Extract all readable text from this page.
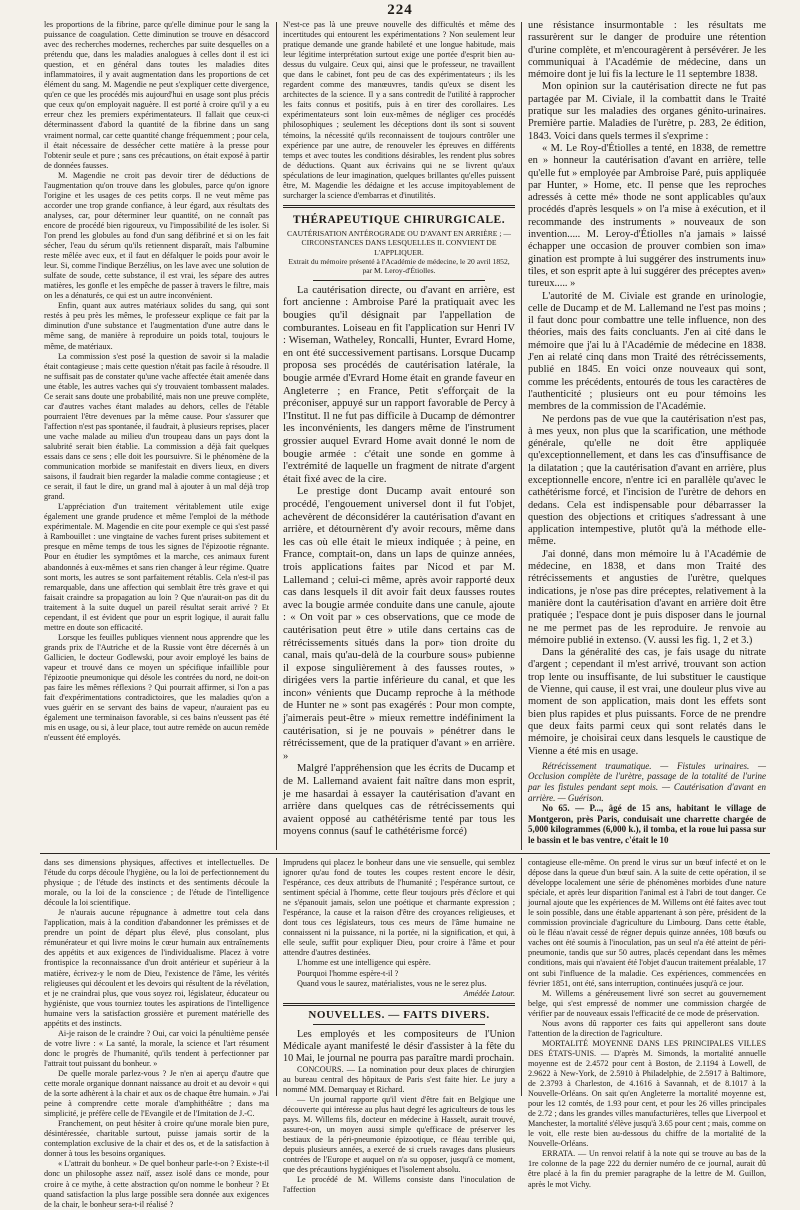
224

les proportions de la fibrine, parce qu'elle diminue pour le sang la puissance de coagulation. Cette diminution se trouve en désaccord avec des recherches modernes, recherches par suite desquelles on a prétendu que, dans les maladies analogues à celles dont il est ici question, et en général dans toutes les maladies dites inflammatoires, il y avait augmentation dans les proportions de cet élément du sang. M. Magendie ne peut s'expliquer cette divergence, qu'en ce que les procédés mis aujourd'hui en usage sont plus précis que ceux qu'on employait naguère. Il est porté à croire qu'il y a eu erreur chez les premiers expérimentateurs. Il fallait que ceux-ci déterminassent d'abord la quantité de la fibrine dans un sang vraiment normal, car cette quantité change fréquemment ; pour cela, il était nécessaire de dessécher cette matière à la presse pour l'obtenir seule et pure ; sans ces précautions, on était exposé à partir de données fausses.

M. Magendie ne croit pas devoir tirer de déductions de l'augmentation qu'on trouve dans les globules, parce qu'on ignore l'origine et les usages de ces petits corps. Il ne veut même pas accorder une trop grande confiance, à leur égard, aux résultats des analyses, car, pour déterminer leur quantité, on ne connaît pas encore de procédé bien rigoureux, vu l'impossibilité de les isoler. Si l'on prend les globules au fond d'un sang défibriné et si on les fait sécher, l'eau du sérum qu'ils retiennent disparaît, mais l'albumine reste mêlée avec eux, et il faut en défalquer le poids pour avoir le leur. Si, comme l'indique Berzélius, on les lave avec une solution de sulfate de soude, cette substance, il est vrai, les sépare des autres matières, les gonfle et les empêche de passer à travers le filtre, mais on les a dénaturés, ce qui est un autre inconvénient.

Enfin, quant aux autres matériaux solides du sang, qui sont restés à peu près les mêmes, le professeur explique ce fait par la diminution d'une substance et l'augmentation d'une autre dans le même sang, de manière à reproduire un poids total, toujours le même, de matériaux.

La commission s'est posé la question de savoir si la maladie était contagieuse ; mais cette question n'était pas facile à résoudre. Il ne suffisait pas de constater qu'une vache affectée était amenée dans une étable, les autres vaches qui s'y trouvaient tombassent malades. Ce serait sans doute une probabilité, mais non une preuve complète, car d'autres vaches étant malades au dehors, celles de l'étable pourraient l'être devenues par la même cause. Pour s'assurer que l'affection n'est pas spontanée, il faudrait, à plusieurs reprises, placer une vache malade au milieu d'un troupeau dans un pays dont la salubrité serait bien établie. La commission a déjà fait quelques essais dans ce sens ; elle doit les poursuivre. Si le phénomène de la communication morbide se manifestait en divers lieux, en divers saisons, il faudrait bien regarder la maladie comme contagieuse ; et ce serait, il faut le dire, un grand mal à ajouter à un mal déjà trop grand.

L'appréciation d'un traitement véritablement utile exige également une grande prudence et même l'emploi de la méthode expérimentale. M. Magendie en cite pour exemple ce qui s'est passé à Rambouillet : une vingtaine de vaches furent prises subitement et presque en même temps de tous les signes de l'épizootie régnante. Pour en étudier les symptômes et la marche, ces animaux furent abandonnés à eux-mêmes et sans rien changer à leur régime. Quatre sont morts, les autres se sont parfaitement rétablis. Cela n'est-il pas remarquable, dans une affection qui semblait être très grave et qui faisait craindre sa propagation au loin ? Que n'aurait-on pas dit du traitement à la suite duquel un pareil résultat serait arrivé ? Et cependant, il est évident que pour un esprit logique, il aurait fallu mettre en doute son efficacité.

Lorsque les feuilles publiques viennent nous apprendre que les grands prix de l'Autriche et de la Russie vont être décernés à un Gallicien, le docteur Godlewski, pour avoir employé les bains de vapeur et trouvé dans ce moyen un spécifique infaillible pour l'épizootie pneumonique qui désole les contrées du nord, ne doit-on pas faire les mêmes réflexions ? Qui pourrait affirmer, si l'on a pas fait d'expérimentations contradictoires, que les maladies qu'on a vues guérir en se servant des bains de vapeur, n'auraient pas eu également une terminaison favorable, si ces bains n'eussent pas été mis en usage, ou si, à leur place, tout autre remède on aucun remède n'eussent été employés.

N'est-ce pas là une preuve nouvelle des difficultés et même des incertitudes qui entourent les expérimentations ? Non seulement leur pratique demande une grande habileté et une longue habitude, mais leur légitime interprétation surtout exige une portée d'esprit bien au-dessus du vulgaire. Ceux qui, ainsi que le professeur, ne travaillent que dans le cabinet, font peu de cas des expérimentateurs ; ils les regardent comme des manœuvres, tandis qu'eux se disent les architectes de la science. Il y a sans contredit de l'utilité à rapprocher les faits connus et positifs, puis à en tirer des corollaires. Les expérimentateurs sont loin eux-mêmes de négliger ces procédés philosophiques ; seulement les déceptions dont ils sont si souvent témoins, la nécessité qu'ils reconnaissent de toujours contrôler une expérience par une autre, de renouveler les épreuves en différents temps et avec toutes les conditions désirables, les rendent plus sobres de déductions. Quant aux écrivains qui ne se livrent qu'aux spéculations de leur imagination, quelques brillantes qu'elles puissent être, M. Magendie les dédaigne et les accuse impitoyablement de surcharger la science d'embarras et d'inutilités.

THÉRAPEUTIQUE CHIRURGICALE.

CAUTÉRISATION ANTÉROGRADE OU D'AVANT EN ARRIÈRE ; — CIRCONSTANCES DANS LESQUELLES IL CONVIENT DE L'APPLIQUER.

Extrait du mémoire présenté à l'Académie de médecine, le 20 avril 1852, par M. Leroy-d'Étiolles.

La cautérisation directe, ou d'avant en arrière, est fort ancienne : Ambroise Paré la pratiquait avec les bougies qu'il désignait par l'appellation de comburantes. Loiseau en fit l'application sur Henri IV : Wiseman, Watheley, Roncalli, Hunter, Evrard Home, en ont été successivement partisans. Lorsque Ducamp proposa ses procédés de cautérisation latérale, la bougie armée d'Evrard Home était en grande faveur en Angleterre ; en France, Petit s'efforçait de la préconiser, appuyé sur un rapport favorable de Percy à l'Institut. Il ne fut pas difficile à Ducamp de démontrer les inconvénients, les dangers même de l'instrument grossier auquel Evrard Home avait donné le nom de bougie armée : c'était une sonde en gomme à l'extrémité de laquelle un fragment de nitrate d'argent était fixé avec de la cire.

Le prestige dont Ducamp avait entouré son procédé, l'engouement universel dont il fut l'objet, achevèrent de déconsidérer la cautérisation d'avant en arrière, et détournèrent d'y avoir recours, même dans les cas où elle était le mieux indiquée ; à peine, en France, comptait-on, dans un laps de quinze années, trois applications faites par Nicod et par M. Lallemand ; celui-ci même, après avoir rapporté deux cas dans lesquels il dit avoir fait deux fausses routes avec la bougie armée conduite dans une canule, ajoute : « On voit par » ces observations, que ce mode de cautérisation peut être » utile dans certains cas de rétrécissements situés dans la por» tion droite du canal, mais qu'au-delà de la courbure sous» pubienne il expose singulièrement à des fausses routes, » dirigées vers la partie inférieure du canal, et que les incon» vénients que Ducamp reproche à la méthode de Hunter ne » sont pas exagérés : Pour mon compte, j'aimerais peut-être » mieux remettre indéfiniment la cautérisation, si je ne pouvais » pénétrer dans le rétrécissement, que de la pratiquer d'avant » en arrière. »

Malgré l'appréhension que les écrits de Ducamp et de M. Lallemand avaient fait naître dans mon esprit, je me hasardai à essayer la cautérisation d'avant en arrière dans quelques cas de rétrécissements qui avaient opposé au cathétérisme tenté par tous les moyens connus (sauf le cathétérisme forcé)

une résistance insurmontable : les résultats me rassurèrent sur le danger de produire une rétention d'urine complète, et m'encouragèrent à persévérer. Je les communiquai à l'Académie de médecine, dans un mémoire dont je lui fis la lecture le 11 septembre 1838.

Mon opinion sur la cautérisation directe ne fut pas partagée par M. Civiale, il la combattit dans le Traité pratique sur les maladies des organes génito-urinaires. Première partie. Maladies de l'urètre, p. 283, 2e édition, 1843. Voici dans quels termes il s'exprime :

« M. Le Roy-d'Étiolles a tenté, en 1838, de remettre en » honneur la cautérisation d'avant en arrière, telle qu'elle fut » employée par Ambroise Paré, puis appliquée par Hunter, » Home, etc. Il pense que les reproches adressés à cette mé» thode ne sont applicables qu'aux procédés d'après lesquels » on l'a mise à exécution, et il recommande des instruments » nouveaux de son invention..... M. Leroy-d'Étiolles n'a jamais » laissé échapper une occasion de prouver combien son ima» gination est prompte à lui suggérer des instruments inu» tiles, et son esprit apte à lui suggérer des préceptes aven» tureux..... »

L'autorité de M. Civiale est grande en urinologie, celle de Ducamp et de M. Lallemand ne l'est pas moins ; il faut donc pour combattre une telle influence, non des théories, mais des faits concluants. J'en ai cité dans le mémoire que j'ai lu à l'Académie de médecine en 1838. J'en ai relaté cinq dans mon Traité des rétrécissements, publié en 1845. En voici onze nouveaux qui sont, comme les précédents, entourés de tous les caractères de l'authenticité ; plusieurs ont eu pour témoins les membres de la commission de l'Académie.

Ne perdons pas de vue que la cautérisation n'est pas, à mes yeux, non plus que la scarification, une méthode générale, qu'elle ne doit être appliquée qu'exceptionnellement, et dans les cas d'insuffisance de la dilatation ; que la cautérisation d'avant en arrière, plus exceptionnelle encore, n'entre ici en parallèle qu'avec le cathétérisme forcé, et l'incision de l'urètre de dehors en dedans. Cela est indispensable pour débarrasser la question des objections et critiques s'adressant à une application intempestive, plutôt qu'à la méthode elle-même.

J'ai donné, dans mon mémoire lu à l'Académie de médecine, en 1838, et dans mon Traité des rétrécissements et angusties de l'urètre, quelques indications, je n'ose pas dire préceptes, relativement à la manière dont la cautérisation d'avant en arrière doit être pratiquée ; l'espace dont je puis disposer dans le journal ne me permet pas de les reproduire. Je renvoie au mémoire publié in extenso. (V. aussi les fig. 1, 2 et 3.)

Dans la généralité des cas, je fais usage du nitrate d'argent ; cependant il m'est arrivé, trouvant son action trop lente ou insuffisante, de lui substituer le caustique de Vienne, qui cause, il est vrai, une douleur plus vive au moment de son application, mais dont les effets sont bien plus rapides et plus puissants. Force de ne prendre que deux faits parmi ceux qui sont relatés dans le mémoire, je choisirai ceux dans lesquels le caustique de Vienne a été mis en usage.

Rétrécissement traumatique. — Fistules urinaires. — Occlusion complète de l'urètre, passage de la totalité de l'urine par les fistules pendant sept mois. — Cautérisation d'avant en arrière. — Guérison.

No 65. — P..., âgé de 15 ans, habitant le village de Montgeron, près Paris, conduisait une charrette chargée de 5,000 kilogrammes (6,000 k.), il tomba, et la roue lui passa sur le bassin et le bas ventre, c'était le 10

dans ses dimensions physiques, affectives et intellectuelles. De l'étude du corps découle l'hygiène, ou la loi de perfectionnement du physique ; de l'étude des instincts et des sentiments découle la morale, ou la loi de la conscience ; de l'étude de l'intelligence découle la loi scientifique.

Je n'aurais aucune répugnance à admettre tout cela dans l'application, mais à la condition d'abandonner les prémisses et de prendre un point de départ plus élevé, plus consolant, plus rémunérateur et qui livre moins le cœur humain aux entraînements des appétits et aux exigences de l'individualisme. Placez à votre frontispice la reconnaissance d'un droit antérieur et supérieur à la matière, écrivez-y le nom de Dieu, l'existence de l'âme, les vérités religieuses qui découlent et les devoirs qui résultent de la révélation, et je ne craindrai plus, que vous soyez roi, législateur, éducateur ou hygiéniste, que vous tourniez toutes les aspirations de l'intelligence humaine vers la satisfaction grossière et purement matérielle des appétits et des instincts.

Ai-je raison de le craindre ? Oui, car voici la pénultième pensée de votre livre : « La santé, la morale, la science et l'art résument donc le progrès de l'humanité, qu'ils tendent à perfectionner par l'attrait tout puissant du bonheur. »

De quelle morale parlez-vous ? Je n'en ai aperçu d'autre que cette morale organique donnant naissance au droit et au devoir « qui de la sorte adhèrent à la chair et aux os de chaque être humain. » J'ai peine à comprendre cette morale d'amphithéâtre ; dans ma simplicité, je préfère celle de l'Evangile et de l'Imitation de J.-C.

Franchement, on peut hésiter à croire qu'une morale bien pure, désintéressée, charitable surtout, puisse jamais sortir de la contemplation exclusive de la chair et des os, et de la satisfaction à donner à tous les besoins organiques.

« L'attrait du bonheur. » De quel bonheur parle-t-on ? Existe-t-il donc un philosophe assez naïf, assez isolé dans ce monde, pour croire à ce mythe, à cette abstraction qu'on nomme le bonheur ? Et quand satisfaction la plus large possible sera donnée aux exigences de la chair, le bonheur sera-t-il réalisé ?

Imprudens qui placez le bonheur dans une vie sensuelle, qui semblez ignorer qu'au fond de toutes les coupes restent encore le désir, l'espérance, ces deux attributs de l'humanité ; l'espérance surtout, ce sentiment spécial à l'homme, cette fleur toujours près d'éclore et qui ne s'épanouit jamais, selon une poétique et charmante expression ; l'espérance, la cause et la raison d'être des croyances religieuses, et dont tous ces législateurs, tous ces meurs de l'âme humaine ne connaissent ni la puissance, ni la portée, ni la signification, et qui, à elle seule, suffit pour expliquer Dieu, pour croire à l'âme et pour attendre d'autres destinées.

L'homme est une intelligence qui espère.

Pourquoi l'homme espère-t-il ?

Quand vous le saurez, matérialistes, vous ne le serez plus.

Amédée Latour.

NOUVELLES. — FAITS DIVERS.

Les employés et les compositeurs de l'Union Médicale ayant manifesté le désir d'assister à la fête du 10 Mai, le journal ne pourra pas paraître mardi prochain.

CONCOURS. — La nomination pour deux places de chirurgien au bureau central des hôpitaux de Paris s'est faite hier. Le jury a nommé MM. Demarquay et Richard.

— Un journal rapporte qu'il vient d'être fait en Belgique une découverte qui intéresse au plus haut degré les agriculteurs de tous les pays. M. Willems fils, docteur en médecine à Hasselt, aurait trouvé, assure-t-on, un moyen aussi simple qu'efficace de préserver les bestiaux de la péri-pneumonie épizootique, ce fléau terrible qui, depuis plusieurs années, a exercé de si cruels ravages dans plusieurs contrées de l'Europe et auquel on n'a su opposer, jusqu'à ce moment, que des précautions hygiéniques et l'isolement absolu.

Le procédé de M. Willems consiste dans l'inoculation de l'affection

contagieuse elle-même. On prend le virus sur un bœuf infecté et on le dépose dans la queue d'un bœuf sain. A la suite de cette opération, il se développe localement une série de phénomènes morbides d'une nature spéciale, et après leur disparition l'animal est à l'abri de tout danger. Ce journal ajoute que les expériences de M. Willems ont été faites avec tout le soin possible, dans une étable appartenant à son père, président de la commission provinciale d'agriculture du Limbourg. Dans cette étable, où le fléau n'avait cessé de régner depuis quinze années, 108 bœufs ou vaches ont été soumis à l'inoculation, pas un seul n'a été atteint de péri-pneumonie, tandis que sur 50 autres, placés cependant dans les mêmes conditions, mais qui n'avaient été l'objet d'aucun traitement préalable, 17 ont subi l'influence de la maladie. Ces expériences, commencées en février 1851, ont été, sans interruption, continuées jusqu'à ce jour.

M. Willems a généreusement livré son secret au gouvernement belge, qui s'est empressé de nommer une commission chargée de vérifier par de nouveaux essais l'efficacité de ce mode de préservation.

Nous avons dû rapporter ces faits qui appelleront sans doute l'attention de la direction de l'agriculture.

MORTALITÉ MOYENNE DANS LES PRINCIPALES VILLES DES ÉTATS-UNIS. — D'après M. Simonds, la mortalité annuelle moyenne est de 2.4572 pour cent à Boston, de 2.1194 à Lowell, de 2.9622 à New-York, de 2.5910 à Philadelphie, de 2.5917 à Baltimore, de 2.3793 à Charleston, de 4.1616 à Savannah, et de 8.1017 à la Nouvelle-Orléans. On sait qu'en Angleterre la mortalité moyenne est, pour les 12 comtés, de 1.93 pour cent, et pour les 26 villes principales de 2.72 ; dans les grandes villes manufacturières, telles que Liverpool et Manchester, la mortalité s'élève jusqu'à 3.65 pour cent ; mais, comme on le voit, elle reste bien au-dessous du chiffre de la mortalité de la Nouvelle-Orléans.

ERRATA. — Un renvoi relatif à la note qui se trouve au bas de la 1re colonne de la page 222 du dernier numéro de ce journal, aurait dû être placé à la fin du premier paragraphe de la lettre de M. Guillon, après le mot Vichy.
